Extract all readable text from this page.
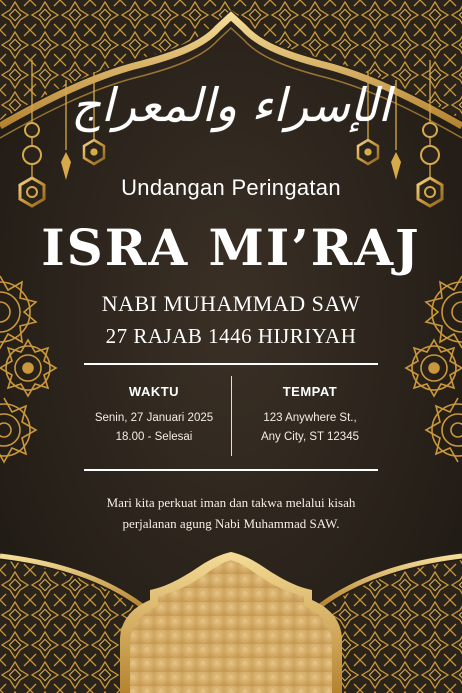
الإسراء والمعراج
Undangan Peringatan
ISRA MI’RAJ
NABI MUHAMMAD SAW
27 RAJAB 1446 HIJRIYAH
WAKTU
Senin, 27 Januari 2025
18.00 - Selesai
TEMPAT
123 Anywhere St.,
Any City, ST 12345
Mari kita perkuat iman dan takwa melalui kisah
perjalanan agung Nabi Muhammad SAW.
